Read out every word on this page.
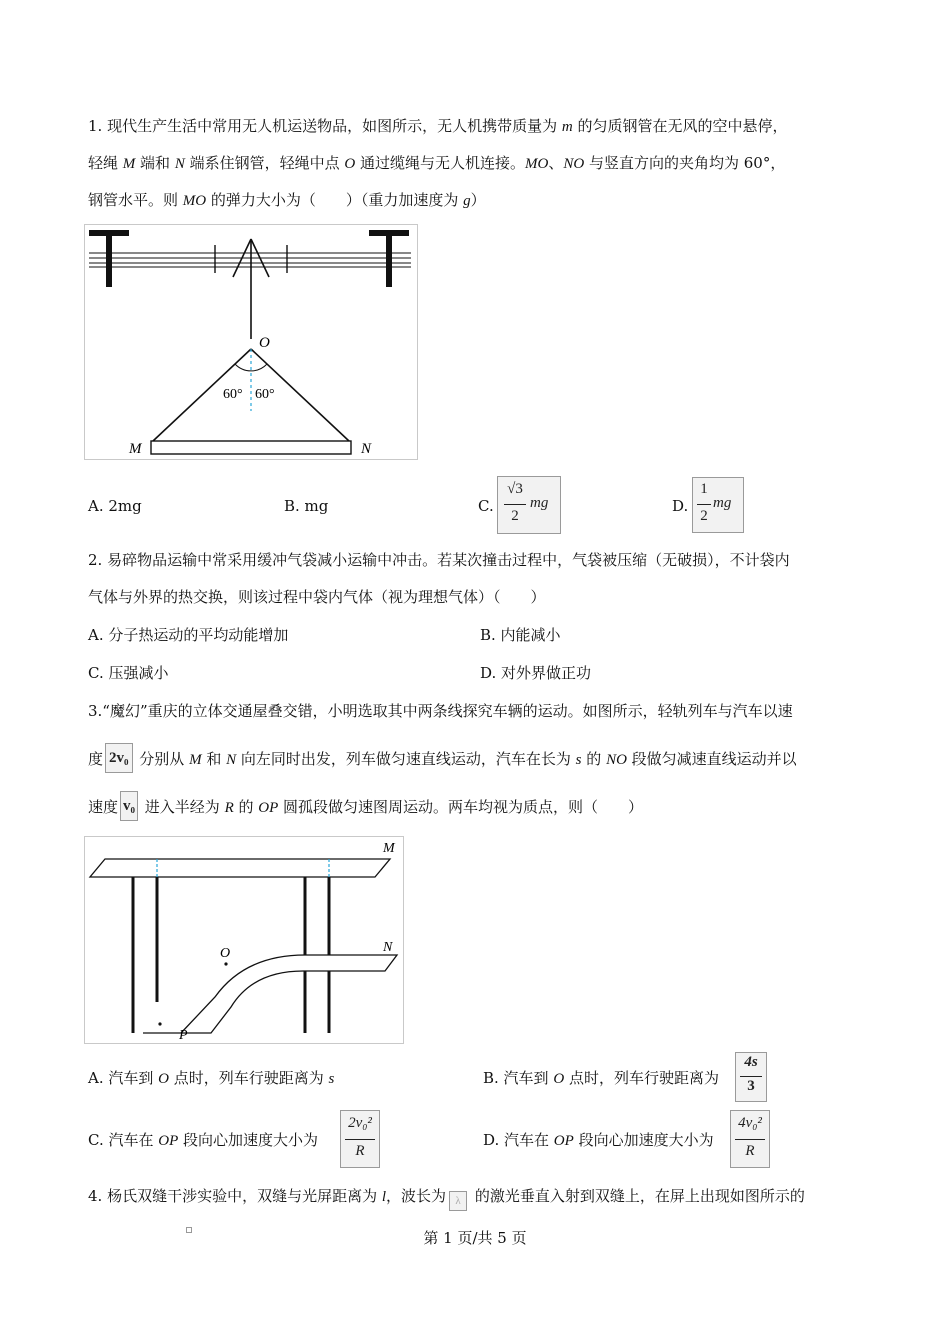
1. 现代生产生活中常用无人机运送物品，如图所示，无人机携带质量为 m 的匀质钢管在无风的空中悬停，
轻绳 M 端和 N 端系住钢管，轻绳中点 O 通过缆绳与无人机连接。MO、NO 与竖直方向的夹角均为 60°，
钢管水平。则 MO 的弹力大小为（　　）（重力加速度为 g）
O
60° 60°
M	N
A. 2mg	B. mg	C.
√3
2
mg	D.
1
2
mg
2. 易碎物品运输中常采用缓冲气袋减小运输中冲击。若某次撞击过程中，气袋被压缩（无破损），不计袋内
气体与外界的热交换，则该过程中袋内气体（视为理想气体）（　　）
A. 分子热运动的平均动能增加	B. 内能减小
C. 压强减小	D. 对外界做正功
3.“魔幻”重庆的立体交通屋叠交错，小明选取其中两条线探究车辆的运动。如图所示，轻轨列车与汽车以速
度 2v₀ 分别从 M 和 N 向左同时出发，列车做匀速直线运动，汽车在长为 s 的 NO 段做匀减速直线运动并以
速度 v₀ 进入半经为 R 的 OP 圆孤段做匀速图周运动。两车均视为质点，则（　　）
M
N
O
P
A. 汽车到 O 点时，列车行驶距离为 s	B. 汽车到 O 点时，列车行驶距离为
4s
3
C. 汽车在 OP 段向心加速度大小为
2v₀²
R
D. 汽车在 OP 段向心加速度大小为
4v₀²
R
4. 杨氏双缝干涉实验中，双缝与光屏距离为 l，波长为 λ 的激光垂直入射到双缝上，在屏上出现如图所示的
第 1 页/共 5 页
